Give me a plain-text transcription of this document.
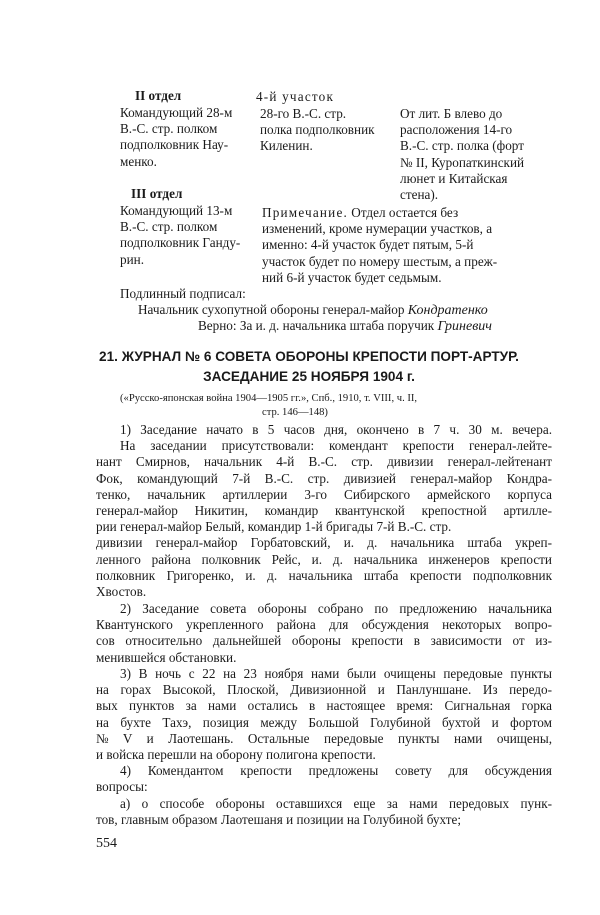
II отдел
Командующий 28-м
В.-С. стр. полком
подполковник Нау-
менко.
4-й участок
28-го В.-С. стр.
полка подполковник
Киленин.
От лит. Б влево до
расположения 14-го
В.-С. стр. полка (форт
№ II, Куропаткинский
люнет и Китайская
стена).
III отдел
Командующий 13-м
В.-С. стр. полком
подполковник Ганду-
рин.
Примечание. Отдел остается без
изменений, кроме нумерации участков, а
именно: 4-й участок будет пятым, 5-й
участок будет по номеру шестым, а преж-
ний 6-й участок будет седьмым.
Подлинный подписал:
Начальник сухопутной обороны генерал-майор Кондратенко
Верно: За и. д. начальника штаба поручик Гриневич
21. ЖУРНАЛ № 6 СОВЕТА ОБОРОНЫ КРЕПОСТИ ПОРТ-АРТУР.
ЗАСЕДАНИЕ 25 НОЯБРЯ 1904 г.
(«Русско-японская война 1904—1905 гг.», Спб., 1910, т. VIII, ч. II,
стр. 146—148)
1) Заседание начато в 5 часов дня, окончено в 7 ч. 30 м. вечера.
На заседании присутствовали: комендант крепости генерал-лейте-
нант Смирнов, начальник 4-й В.-С. стр. дивизии генерал-лейтенант
Фок, командующий 7-й В.-С. стр. дивизией генерал-майор Кондра-
тенко, начальник артиллерии 3-го Сибирского армейского корпуса
генерал-майор Никитин, командир квантунской крепостной артилле-
рии генерал-майор Белый, командир 1-й бригады 7-й В.-С. стр.
дивизии генерал-майор Горбатовский, и. д. начальника штаба укреп-
ленного района полковник Рейс, и. д. начальника инженеров крепости
полковник Григоренко, и. д. начальника штаба крепости подполковник
Хвостов.
2) Заседание совета обороны собрано по предложению начальника
Квантунского укрепленного района для обсуждения некоторых вопро-
сов относительно дальнейшей обороны крепости в зависимости от из-
менившейся обстановки.
3) В ночь с 22 на 23 ноября нами были очищены передовые пункты
на горах Высокой, Плоской, Дивизионной и Панлуншане. Из передо-
вых пунктов за нами остались в настоящее время: Сигнальная горка
на бухте Тахэ, позиция между Большой Голубиной бухтой и фортом
№ V и Лаотешань. Остальные передовые пункты нами очищены,
и войска перешли на оборону полигона крепости.
4) Комендантом крепости предложены совету для обсуждения
вопросы:
а) о способе обороны оставшихся еще за нами передовых пунк-
тов, главным образом Лаотешаня и позиции на Голубиной бухте;
554
